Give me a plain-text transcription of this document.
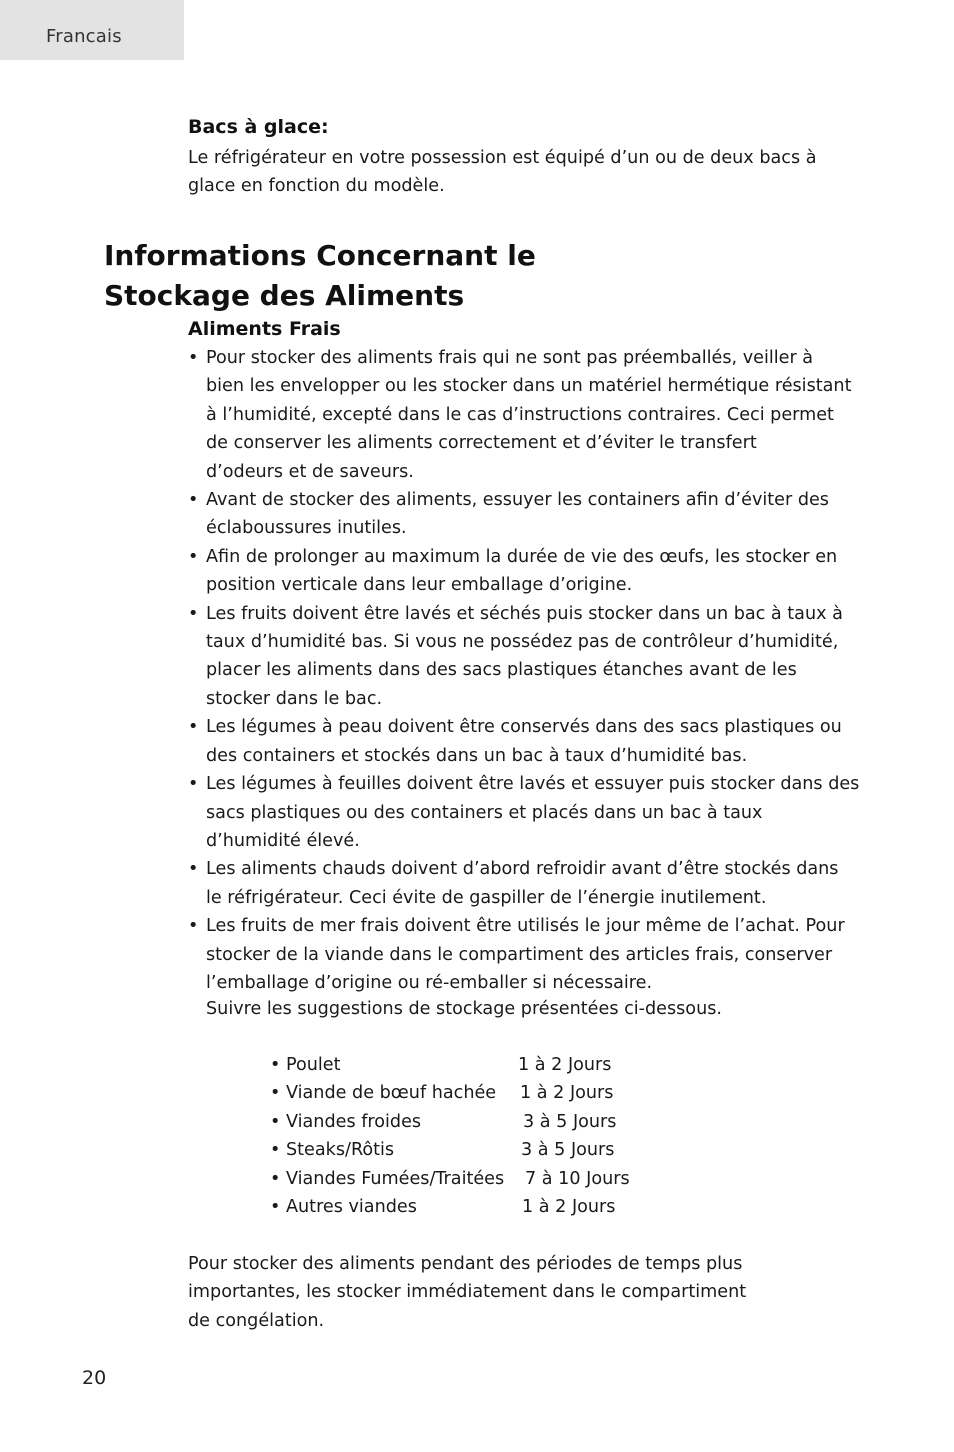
Francais
Bacs à glace:
Le réfrigérateur en votre possession est équipé d’un ou de deux bacs à
glace en fonction du modèle.
Informations Concernant le
Stockage des Aliments
Aliments Frais
• Pour stocker des aliments frais qui ne sont pas préemballés, veiller à
bien les envelopper ou les stocker dans un matériel hermétique résistant
à l’humidité, excepté dans le cas d’instructions contraires. Ceci permet
de conserver les aliments correctement et d’éviter le transfert
d’odeurs et de saveurs.
• Avant de stocker des aliments, essuyer les containers afin d’éviter des
éclaboussures inutiles.
• Afin de prolonger au maximum la durée de vie des œufs, les stocker en
position verticale dans leur emballage d’origine.
• Les fruits doivent être lavés et séchés puis stocker dans un bac à taux à
taux d’humidité bas. Si vous ne possédez pas de contrôleur d’humidité,
placer les aliments dans des sacs plastiques étanches avant de les
stocker dans le bac.
• Les légumes à peau doivent être conservés dans des sacs plastiques ou
des containers et stockés dans un bac à taux d’humidité bas.
• Les légumes à feuilles doivent être lavés et essuyer puis stocker dans des
sacs plastiques ou des containers et placés dans un bac à taux
d’humidité élevé.
• Les aliments chauds doivent d’abord refroidir avant d’être stockés dans
le réfrigérateur. Ceci évite de gaspiller de l’énergie inutilement.
• Les fruits de mer frais doivent être utilisés le jour même de l’achat. Pour
stocker de la viande dans le compartiment des articles frais, conserver
l’emballage d’origine ou ré-emballer si nécessaire.
Suivre les suggestions de stockage présentées ci-dessous.
• Poulet	1 à 2 Jours
• Viande de bœuf hachée 1 à 2 Jours
• Viandes froides	3 à 5 Jours
• Steaks/Rôtis	3 à 5 Jours
• Viandes Fumées/Traitées 7 à 10 Jours
• Autres viandes	1 à 2 Jours
Pour stocker des aliments pendant des périodes de temps plus
importantes, les stocker immédiatement dans le compartiment
de congélation.
20
